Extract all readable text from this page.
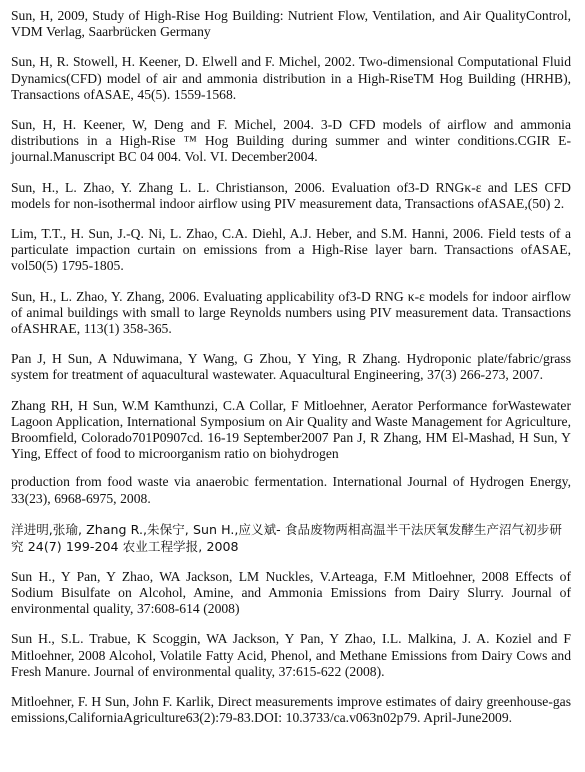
Sun, H, 2009, Study of High-Rise Hog Building: Nutrient Flow, Ventilation, and Air QualityControl, VDM Verlag, Saarbrücken Germany

Sun, H, R. Stowell, H. Keener, D. Elwell and F. Michel, 2002. Two-dimensional Computational Fluid Dynamics(CFD) model of air and ammonia distribution in a High-RiseTM Hog Building (HRHB), Transactions ofASAE, 45(5). 1559-1568.

Sun, H, H. Keener, W, Deng and F. Michel, 2004. 3-D CFD models of airflow and ammonia distributions in a High-Rise ™ Hog Building during summer and winter conditions.CGIR E-journal.Manuscript BC 04 004. Vol. VI. December2004.

Sun, H., L. Zhao, Y. Zhang L. L. Christianson, 2006. Evaluation of3-D RNGκ-ε and LES CFD models for non-isothermal indoor airflow using PIV measurement data, Transactions ofASAE,(50) 2.

Lim, T.T., H. Sun, J.-Q. Ni, L. Zhao, C.A. Diehl, A.J. Heber, and S.M. Hanni, 2006. Field tests of a particulate impaction curtain on emissions from a High-Rise layer barn. Transactions ofASAE, vol50(5) 1795-1805.

Sun, H., L. Zhao, Y. Zhang, 2006. Evaluating applicability of3-D RNG κ-ε models for indoor airflow of animal buildings with small to large Reynolds numbers using PIV measurement data. Transactions ofASHRAE, 113(1) 358-365.

Pan J, H Sun, A Nduwimana, Y Wang, G Zhou, Y Ying, R Zhang. Hydroponic plate/fabric/grass system for treatment of aquacultural wastewater. Aquacultural Engineering, 37(3) 266-273, 2007.

Zhang RH, H Sun, W.M Kamthunzi, C.A Collar, F Mitloehner, Aerator Performance forWastewater Lagoon Application, International Symposium on Air Quality and Waste Management for Agriculture, Broomfield, Colorado701P0907cd. 16-19 September2007 Pan J, R Zhang, HM El-Mashad, H Sun, Y Ying, Effect of food to microorganism ratio on biohydrogen

production from food waste via anaerobic fermentation. International Journal of Hydrogen Energy, 33(23), 6968-6975, 2008.

洋进明,张瑜, Zhang R.,朱保宁, Sun H.,应义斌- 食品废物两相高温半干法厌氧发酵生产沼气初步研究 24(7) 199-204 农业工程学报, 2008

Sun H., Y Pan, Y Zhao, WA Jackson, LM Nuckles, V.Arteaga, F.M Mitloehner, 2008 Effects of Sodium Bisulfate on Alcohol, Amine, and Ammonia Emissions from Dairy Slurry. Journal of environmental quality, 37:608-614 (2008)

Sun H., S.L. Trabue, K Scoggin, WA Jackson, Y Pan, Y Zhao, I.L. Malkina, J. A. Koziel and F Mitloehner, 2008 Alcohol, Volatile Fatty Acid, Phenol, and Methane Emissions from Dairy Cows and Fresh Manure. Journal of environmental quality, 37:615-622 (2008).

Mitloehner, F. H Sun, John F. Karlik, Direct measurements improve estimates of dairy greenhouse-gas emissions,CaliforniaAgriculture63(2):79-83.DOI: 10.3733/ca.v063n02p79. April-June2009.
